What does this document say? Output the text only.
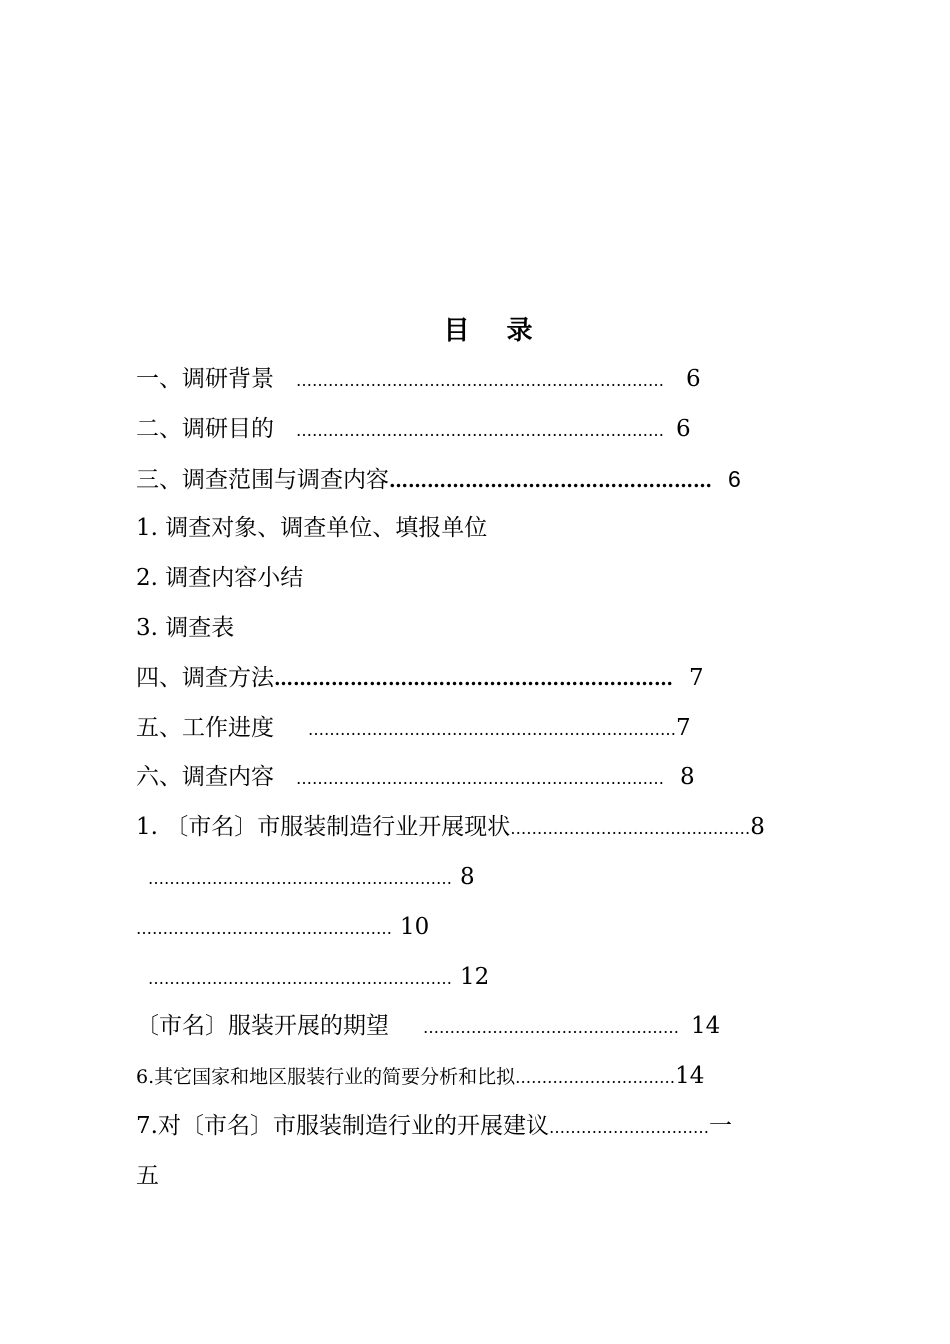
目 录
一、调研背景 …………………………………………………………… 6
二、调研目的 …………………………………………………………… 6
三、调查范围与调查内容…………………………………………… 6
1. 调查对象、调查单位、填报单位
2. 调查内容小结
3. 调查表
四、调查方法……………………………………………………… 7
五、工作进度 ……………………………………………………………7
六、调查内容 …………………………………………………………… 8
1. 〔市名〕市服装制造行业开展现状………………………………………8
………………………………………………… 8
………………………………………… 10
………………………………………………… 12
〔市名〕服装开展的期望 ………………………………………… 14
6.其它国家和地区服装行业的简要分析和比拟…………………………14
7.对〔市名〕市服装制造行业的开展建议…………………………一
五
